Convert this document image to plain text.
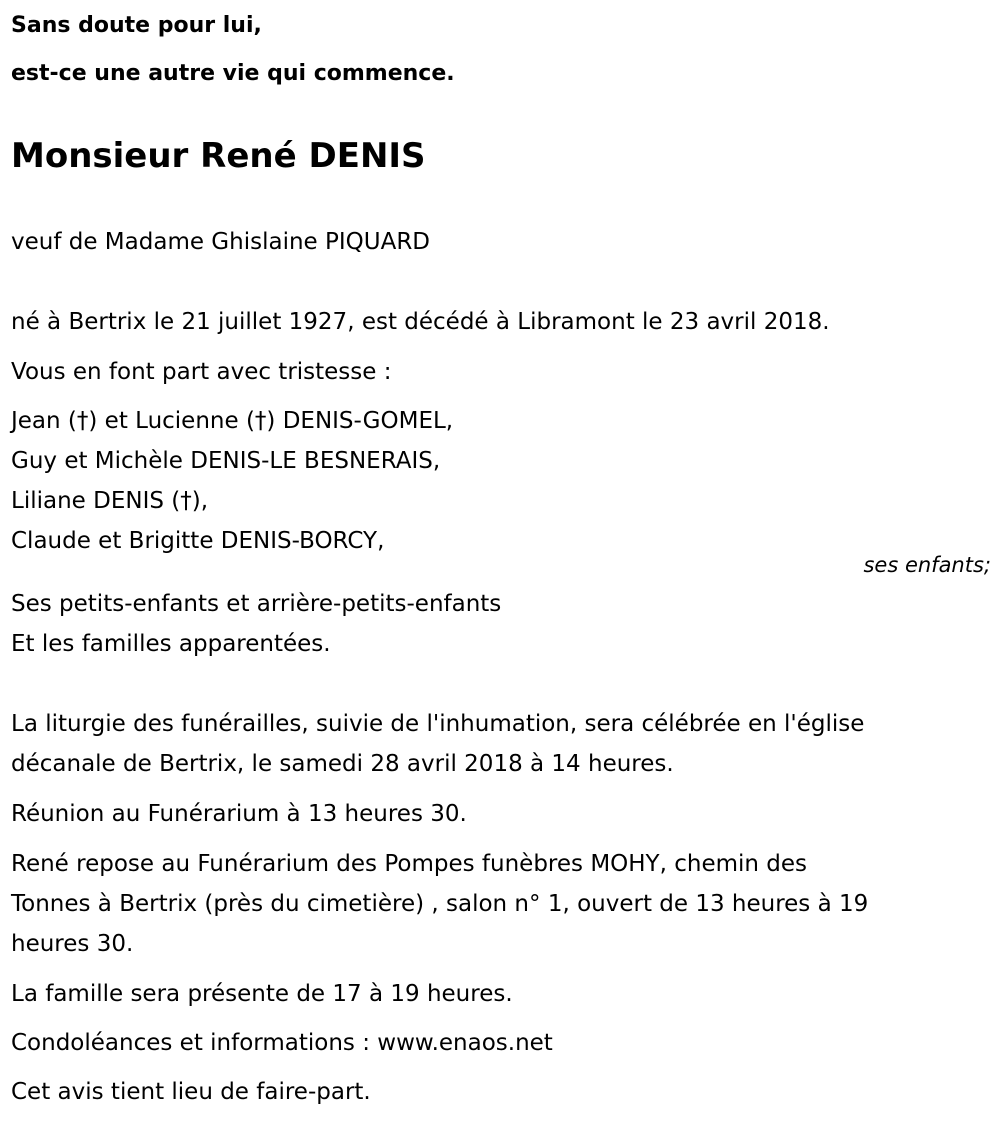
Sans doute pour lui,
est-ce une autre vie qui commence.
Monsieur René DENIS
veuf de Madame Ghislaine PIQUARD
né à Bertrix le 21 juillet 1927, est décédé à Libramont le 23 avril 2018.
Vous en font part avec tristesse :
Jean (†) et Lucienne (†) DENIS-GOMEL,
Guy et Michèle DENIS-LE BESNERAIS,
Liliane DENIS (†),
Claude et Brigitte DENIS-BORCY,
ses enfants;
Ses petits-enfants et arrière-petits-enfants
Et les familles apparentées.
La liturgie des funérailles, suivie de l'inhumation, sera célébrée en l'église
décanale de Bertrix, le samedi 28 avril 2018 à 14 heures.
Réunion au Funérarium à 13 heures 30.
René repose au Funérarium des Pompes funèbres MOHY, chemin des
Tonnes à Bertrix (près du cimetière) , salon n° 1, ouvert de 13 heures à 19
heures 30.
La famille sera présente de 17 à 19 heures.
Condoléances et informations : www.enaos.net
Cet avis tient lieu de faire-part.
